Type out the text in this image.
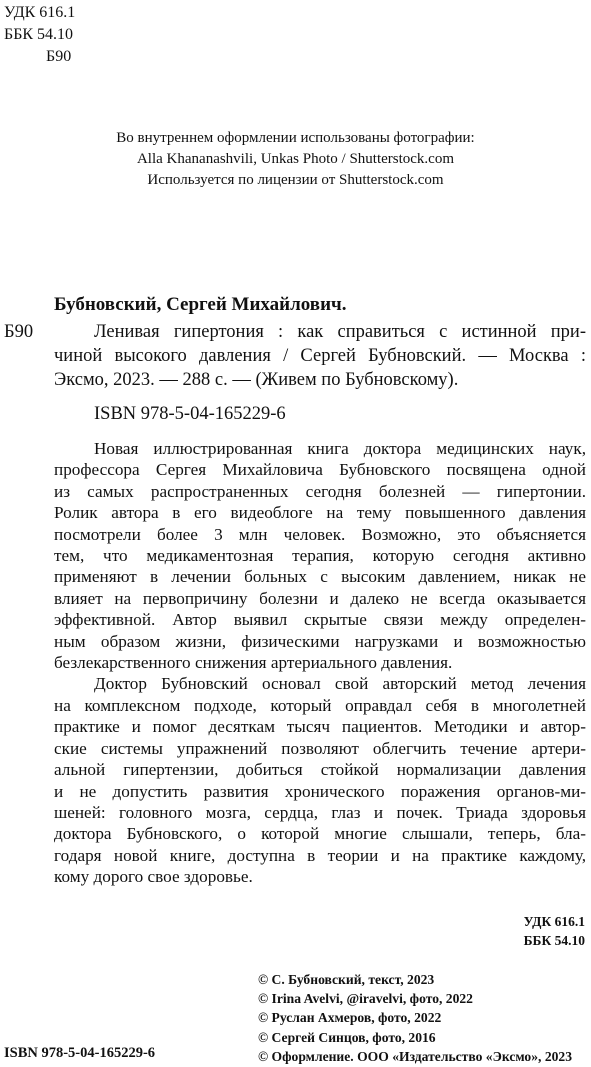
УДК 616.1
ББК 54.10
Б90
Во внутреннем оформлении использованы фотографии:
Alla Khananashvili, Unkas Photo / Shutterstock.com
Используется по лицензии от Shutterstock.com
Бубновский, Сергей Михайлович.
Б90	Ленивая гипертония : как справиться с истинной при-
чиной высокого давления / Сергей Бубновский. — Москва :
Эксмо, 2023. — 288 с. — (Живем по Бубновскому).
ISBN 978-5-04-165229-6
Новая иллюстрированная книга доктора медицинских наук,
профессора Сергея Михайловича Бубновского посвящена одной
из самых распространенных сегодня болезней — гипертонии.
Ролик автора в его видеоблоге на тему повышенного давления
посмотрели более 3 млн человек. Возможно, это объясняется
тем, что медикаментозная терапия, которую сегодня активно
применяют в лечении больных с высоким давлением, никак не
влияет на первопричину болезни и далеко не всегда оказывается
эффективной. Автор выявил скрытые связи между определен-
ным образом жизни, физическими нагрузками и возможностью
безлекарственного снижения артериального давления.
Доктор Бубновский основал свой авторский метод лечения
на комплексном подходе, который оправдал себя в многолетней
практике и помог десяткам тысяч пациентов. Методики и автор-
ские системы упражнений позволяют облегчить течение артери-
альной гипертензии, добиться стойкой нормализации давления
и не допустить развития хронического поражения органов-ми-
шеней: головного мозга, сердца, глаз и почек. Триада здоровья
доктора Бубновского, о которой многие слышали, теперь, бла-
годаря новой книге, доступна в теории и на практике каждому,
кому дорого свое здоровье.
УДК 616.1
ББК 54.10
© С. Бубновский, текст, 2023
© Irina Avelvi, @iravelvi, фото, 2022
© Руслан Ахмеров, фото, 2022
© Сергей Синцов, фото, 2016
© Оформление. ООО «Издательство «Эксмо», 2023
ISBN 978-5-04-165229-6
